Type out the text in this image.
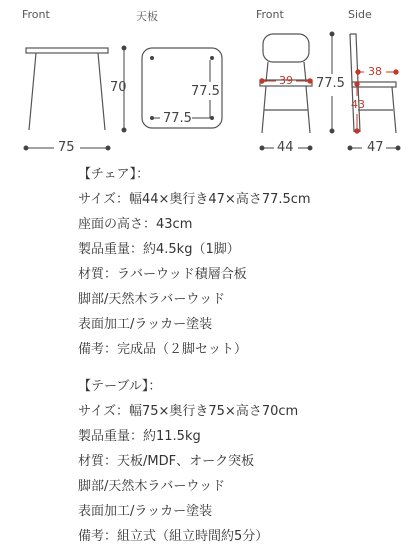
Front	天板	Front	Side
70
75
77.5
77.5
39 77.5
44
38
43
47
【チェア】：
サイズ：幅44×奥行き47×高さ77.5cm
座面の高さ：43cm
製品重量：約4.5kg（1脚）
材質：ラバーウッド積層合板
脚部/天然木ラバーウッド
表面加工/ラッカー塗装
備考：完成品（２脚セット）
【テーブル】：
サイズ：幅75×奥行き75×高さ70cm
製品重量：約11.5kg
材質：天板/MDF、オーク突板
脚部/天然木ラバーウッド
表面加工/ラッカー塗装
備考：組立式（組立時間約5分）
